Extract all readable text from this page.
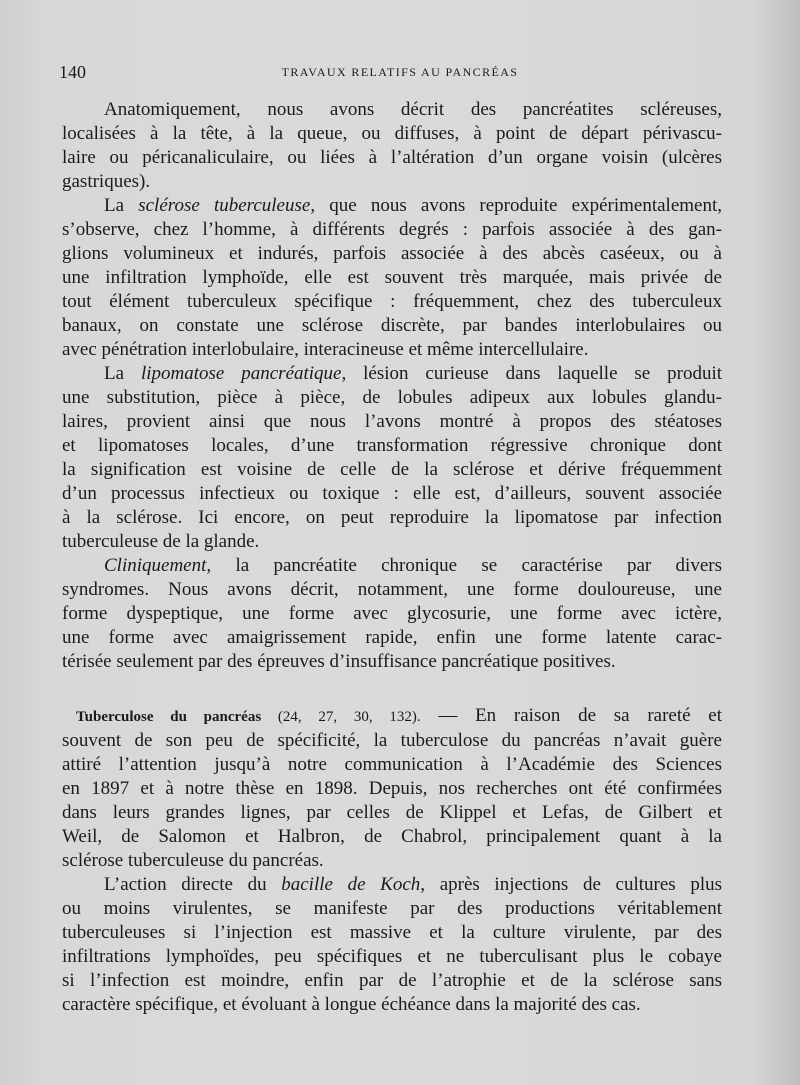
140	TRAVAUX RELATIFS AU PANCRÉAS

Anatomiquement, nous avons décrit des pancréatites scléreuses,
localisées à la tête, à la queue, ou diffuses, à point de départ périvascu-
laire ou péricanaliculaire, ou liées à l’altération d’un organe voisin (ulcères
gastriques).

La sclérose tuberculeuse, que nous avons reproduite expérimentalement,
s’observe, chez l’homme, à différents degrés : parfois associée à des gan-
glions volumineux et indurés, parfois associée à des abcès caséeux, ou à
une infiltration lymphoïde, elle est souvent très marquée, mais privée de
tout élément tuberculeux spécifique : fréquemment, chez des tuberculeux
banaux, on constate une sclérose discrète, par bandes interlobulaires ou
avec pénétration interlobulaire, interacineuse et même intercellulaire.

La lipomatose pancréatique, lésion curieuse dans laquelle se produit
une substitution, pièce à pièce, de lobules adipeux aux lobules glandu-
laires, provient ainsi que nous l’avons montré à propos des stéatoses
et lipomatoses locales, d’une transformation régressive chronique dont
la signification est voisine de celle de la sclérose et dérive fréquemment
d’un processus infectieux ou toxique : elle est, d’ailleurs, souvent associée
à la sclérose. Ici encore, on peut reproduire la lipomatose par infection
tuberculeuse de la glande.

Cliniquement, la pancréatite chronique se caractérise par divers
syndromes. Nous avons décrit, notamment, une forme douloureuse, une
forme dyspeptique, une forme avec glycosurie, une forme avec ictère,
une forme avec amaigrissement rapide, enfin une forme latente carac-
térisée seulement par des épreuves d’insuffisance pancréatique positives.

Tuberculose du pancréas (24, 27, 30, 132). — En raison de sa rareté et
souvent de son peu de spécificité, la tuberculose du pancréas n’avait guère
attiré l’attention jusqu’à notre communication à l’Académie des Sciences
en 1897 et à notre thèse en 1898. Depuis, nos recherches ont été confirmées
dans leurs grandes lignes, par celles de Klippel et Lefas, de Gilbert et
Weil, de Salomon et Halbron, de Chabrol, principalement quant à la
sclérose tuberculeuse du pancréas.

L’action directe du bacille de Koch, après injections de cultures plus
ou moins virulentes, se manifeste par des productions véritablement
tuberculeuses si l’injection est massive et la culture virulente, par des
infiltrations lymphoïdes, peu spécifiques et ne tuberculisant plus le cobaye
si l’infection est moindre, enfin par de l’atrophie et de la sclérose sans
caractère spécifique, et évoluant à longue échéance dans la majorité des cas.
